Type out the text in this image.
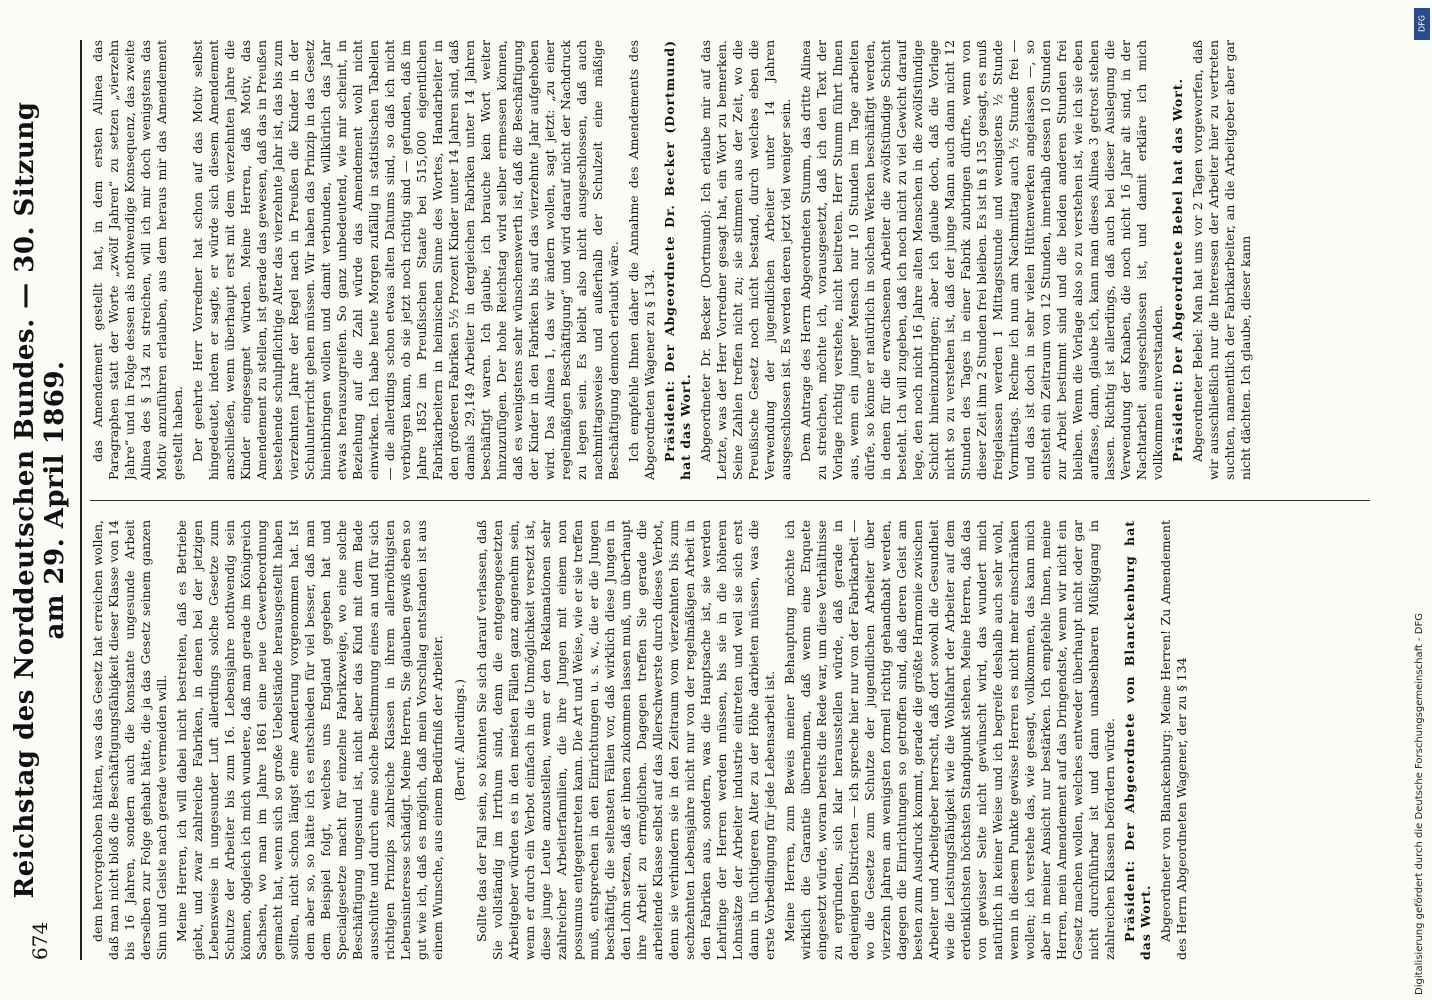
674
Reichstag des Norddeutschen Bundes. — 30. Sitzung am 29. April 1869.

dem hervorgehoben hätten, was das Gesetz hat erreichen wollen, daß man nicht bloß die Beschäftigungsfähigkeit dieser Klasse von 14 bis 16 Jahren, sondern auch die konstante ungesunde Arbeit derselben zur Folge gehabt hätte, die ja das Gesetz seinem ganzen Sinn und Geiste nach gerade vermeiden will. Meine Herren, ich will dabei nicht bestreiten, daß es Betriebe giebt, und zwar zahlreiche Fabriken, in denen bei der jetzigen Lebensweise in ungesunder Luft allerdings solche Gesetze zum Schutze der Arbeiter bis zum 16. Lebensjahre nothwendig sein können, obgleich ich mich wundere, daß man gerade im Königreich Sachsen, wo man im Jahre 1861 eine neue Gewerbeordnung gemacht hat, wenn sich so große Uebelstände herausgestellt haben sollten, nicht schon längst eine Aenderung vorgenommen hat. Ist dem aber so, so hätte ich es entschieden für viel besser, daß man dem Beispiel folgt, welches uns England gegeben hat und Specialgesetze macht für einzelne Fabrikzweige, wo eine solche Beschäftigung ungesund ist, nicht aber das Kind mit dem Bade ausschütte und durch eine solche Bestimmung eines an und für sich richtigen Prinzips zahlreiche Klassen in ihrem allernöthigsten Lebensinteresse schädigt. Meine Herren, Sie glauben gewiß eben so gut wie ich, daß es möglich, daß mein Vorschlag entstanden ist aus einem Wunsche, aus einem Bedürfniß der Arbeiter. (Beruf: Allerdings.) Sollte das der Fall sein, so könnten Sie sich darauf verlassen, daß Sie vollständig im Irrthum sind, denn die entgegengesetzten Arbeitgeber würden es in den meisten Fällen ganz angenehm sein, wenn er durch ein Verbot einfach in die Unmöglichkeit versetzt ist, diese junge Leute anzustellen, wenn er den Reklamationen sehr zahlreicher Arbeiterfamilien, die ihre Jungen mit einem non possumus entgegentreten kann. Die Art und Weise, wie er sie treffen muß, entsprechen in den Einrichtungen u. s. w., die er die Jungen beschäftigt, die seltensten Fällen vor, daß wirklich diese Jungen in den Lohn setzen, daß er ihnen zukommen lassen muß, um überhaupt ihre Arbeit zu ermöglichen. Dagegen treffen Sie gerade die arbeitende Klasse selbst auf das Allerschwerste durch dieses Verbot, denn sie verhindern sie in den Zeitraum vom vierzehnten bis zum sechzehnten Lebensjahre nicht nur von der regelmäßigen Arbeit in den Fabriken aus, sondern, was die Hauptsache ist, sie werden Lehrlinge der Herren werden müssen, bis sie in die höheren Lohnsätze der Arbeiter industrie eintreten und weil sie sich erst dann in tüchtigeren Alter zu der Höhe darbieten müssen, was die erste Vorbedingung für jede Lebensarbeit ist. Meine Herren, zum Beweis meiner Behauptung möchte ich wirklich die Garantie übernehmen, daß wenn eine Enquete eingesetzt würde, woran bereits die Rede war, um diese Verhältnisse zu ergründen, sich klar herausstellen würde, daß gerade in denjenigen Districten — ich spreche hier nur von der Fabrikarbeit — wo die Gesetze zum Schutze der jugendlichen Arbeiter über vierzehn Jahren am wenigsten formell richtig gehandhabt werden, dagegen die Einrichtungen so getroffen sind, daß deren Geist am besten zum Ausdruck kommt, gerade die größte Harmonie zwischen Arbeiter und Arbeitgeber herrscht, daß dort sowohl die Gesundheit wie die Leistungsfähigkeit wie die Wohlfahrt der Arbeiter auf dem erdenklichsten höchsten Standpunkt stehen. Meine Herren, daß das von gewisser Seite nicht gewünscht wird, das wundert mich natürlich in keiner Weise und ich begreife deshalb auch sehr wohl, wenn in diesem Punkte gewisse Herren es nicht mehr einschränken wollen; ich verstehe das, wie gesagt, vollkommen, das kann mich aber in meiner Ansicht nur bestärken. Ich empfehle Ihnen, meine Herren, mein Amendement auf das Dringendste, wenn wir nicht ein Gesetz machen wollen, welches entweder überhaupt nicht oder gar nicht durchführbar ist und dann unabsehbaren Müßiggang in zahlreichen Klassen befördern würde. Präsident: Der Abgeordnete von Blanckenburg hat das Wort. Abgeordneter von Blanckenburg: Meine Herren! Zu Amendement des Herrn Abgeordneten Wagener, der zu § 134

das Amendement gestellt hat, in dem ersten Alinea das Paragraphen statt der Worte „zwölf Jahren“ zu setzen „vierzehn Jahre“ und in Folge dessen als nothwendige Konsequenz, das zweite Alinea des § 134 zu streichen, will ich mir doch wenigstens das Motiv anzuführen erlauben, aus dem heraus mir das Amendement gestellt haben. Der geehrte Herr Vorredner hat schon auf das Motiv selbst hingedeutet, indem er sagte, er würde sich diesem Amendement anschließen, wenn überhaupt erst mit dem vierzehnten Jahre die Kinder eingesegnet würden. Meine Herren, daß Motiv, das Amendement zu stellen, ist gerade das gewesen, daß das in Preußen bestehende schulpflichtige Alter das vierzehnte Jahr ist, das bis zum vierzehnten Jahre der Regel nach in Preußen die Kinder in der Schulunterricht gehen müssen. Wir haben das Prinzip in das Gesetz hineinbringen wollen und damit verbunden, willkürlich das Jahr etwas herauszugreifen. So ganz unbedeutend, wie mir scheint, in Beziehung auf die Zahl würde das Amendement wohl nicht einwirken. Ich habe heute Morgen zufällig in statistischen Tabellen — die allerdings schon etwas alten Datums sind, so daß ich nicht verbürgen kann, ob sie jetzt noch richtig sind — gefunden, daß im Jahre 1852 im Preußischen Staate bei 515,000 eigentlichen Fabrikarbeitern in heimischen Sinne des Wortes, Handarbeiter in den größeren Fabriken 5½ Prozent Kinder unter 14 Jahren sind, daß damals 29,149 Arbeiter in dergleichen Fabriken unter 14 Jahren beschäftigt waren. Ich glaube, ich brauche kein Wort weiter hinzuzufügen. Der hohe Reichstag wird selber ermessen können, daß es wenigstens sehr wünschenswerth ist, daß die Beschäftigung der Kinder in den Fabriken bis auf das vierzehnte Jahr aufgehoben wird. Das Alinea 1, das wir ändern wollen, sagt jetzt: „zu einer regelmäßigen Beschäftigung“ und wird darauf nicht der Nachdruck zu legen sein. Es bleibt also nicht ausgeschlossen, daß auch nachmittagsweise und außerhalb der Schulzeit eine mäßige Beschäftigung dennoch erlaubt wäre. Ich empfehle Ihnen daher die Annahme des Amendements des Abgeordneten Wagener zu § 134. Präsident: Der Abgeordnete Dr. Becker (Dortmund) hat das Wort. Abgeordneter Dr. Becker (Dortmund): Ich erlaube mir auf das Letzte, was der Herr Vorredner gesagt hat, ein Wort zu bemerken. Seine Zahlen treffen nicht zu; sie stimmen aus der Zeit, wo die Preußische Gesetz noch nicht bestand, durch welches eben die Verwendung der jugendlichen Arbeiter unter 14 Jahren ausgeschlossen ist. Es werden deren jetzt viel weniger sein. Dem Antrage des Herrn Abgeordneten Stumm, das dritte Alinea zu streichen, möchte ich, vorausgesetzt, daß ich den Text der Vorlage richtig verstehe, nicht beitreten. Herr Stumm führt Ihnen aus, wenn ein junger Mensch nur 10 Stunden im Tage arbeiten dürfe, so könne er natürlich in solchen Werken beschäftigt werden, in denen für die erwachsenen Arbeiter die zwölfstündige Schicht besteht. Ich will zugeben, daß ich noch nicht zu viel Gewicht darauf lege, den noch nicht 16 Jahre alten Menschen in die zwölfstündige Schicht hineinzubringen; aber ich glaube doch, daß die Vorlage nicht so zu verstehen ist, daß der junge Mann auch dann nicht 12 Stunden des Tages in einer Fabrik zubringen dürfte, wenn von dieser Zeit ihm 2 Stunden frei bleiben. Es ist in § 135 gesagt, es muß freigelassen werden 1 Mittagsstunde und wenigstens ½ Stunde Vormittags. Rechne ich nun am Nachmittag auch ½ Stunde frei — und das ist doch in sehr vielen Hüttenwerken angelassen —, so entsteht ein Zeitraum von 12 Stunden, innerhalb dessen 10 Stunden zur Arbeit bestimmt sind und die beiden anderen Stunden frei bleiben. Wenn die Vorlage also so zu verstehen ist, wie ich sie eben auffasse, dann, glaube ich, kann man dieses Alinea 3 getrost stehen lassen. Richtig ist allerdings, daß auch bei dieser Auslegung die Verwendung der Knaben, die noch nicht 16 Jahr alt sind, in der Nachtarbeit ausgeschlossen ist, und damit erkläre ich mich vollkommen einverstanden. Präsident: Der Abgeordnete Bebel hat das Wort. Abgeordneter Bebel: Man hat uns vor 2 Tagen vorgeworfen, daß wir ausschließlich nur die Interessen der Arbeiter hier zu vertreten suchten, namentlich der Fabrikarbeiter, an die Arbeitgeber aber gar nicht dächten. Ich glaube, dieser kann

DFG
Digitalisierung gefördert durch die Deutsche Forschungsgemeinschaft - DFG
